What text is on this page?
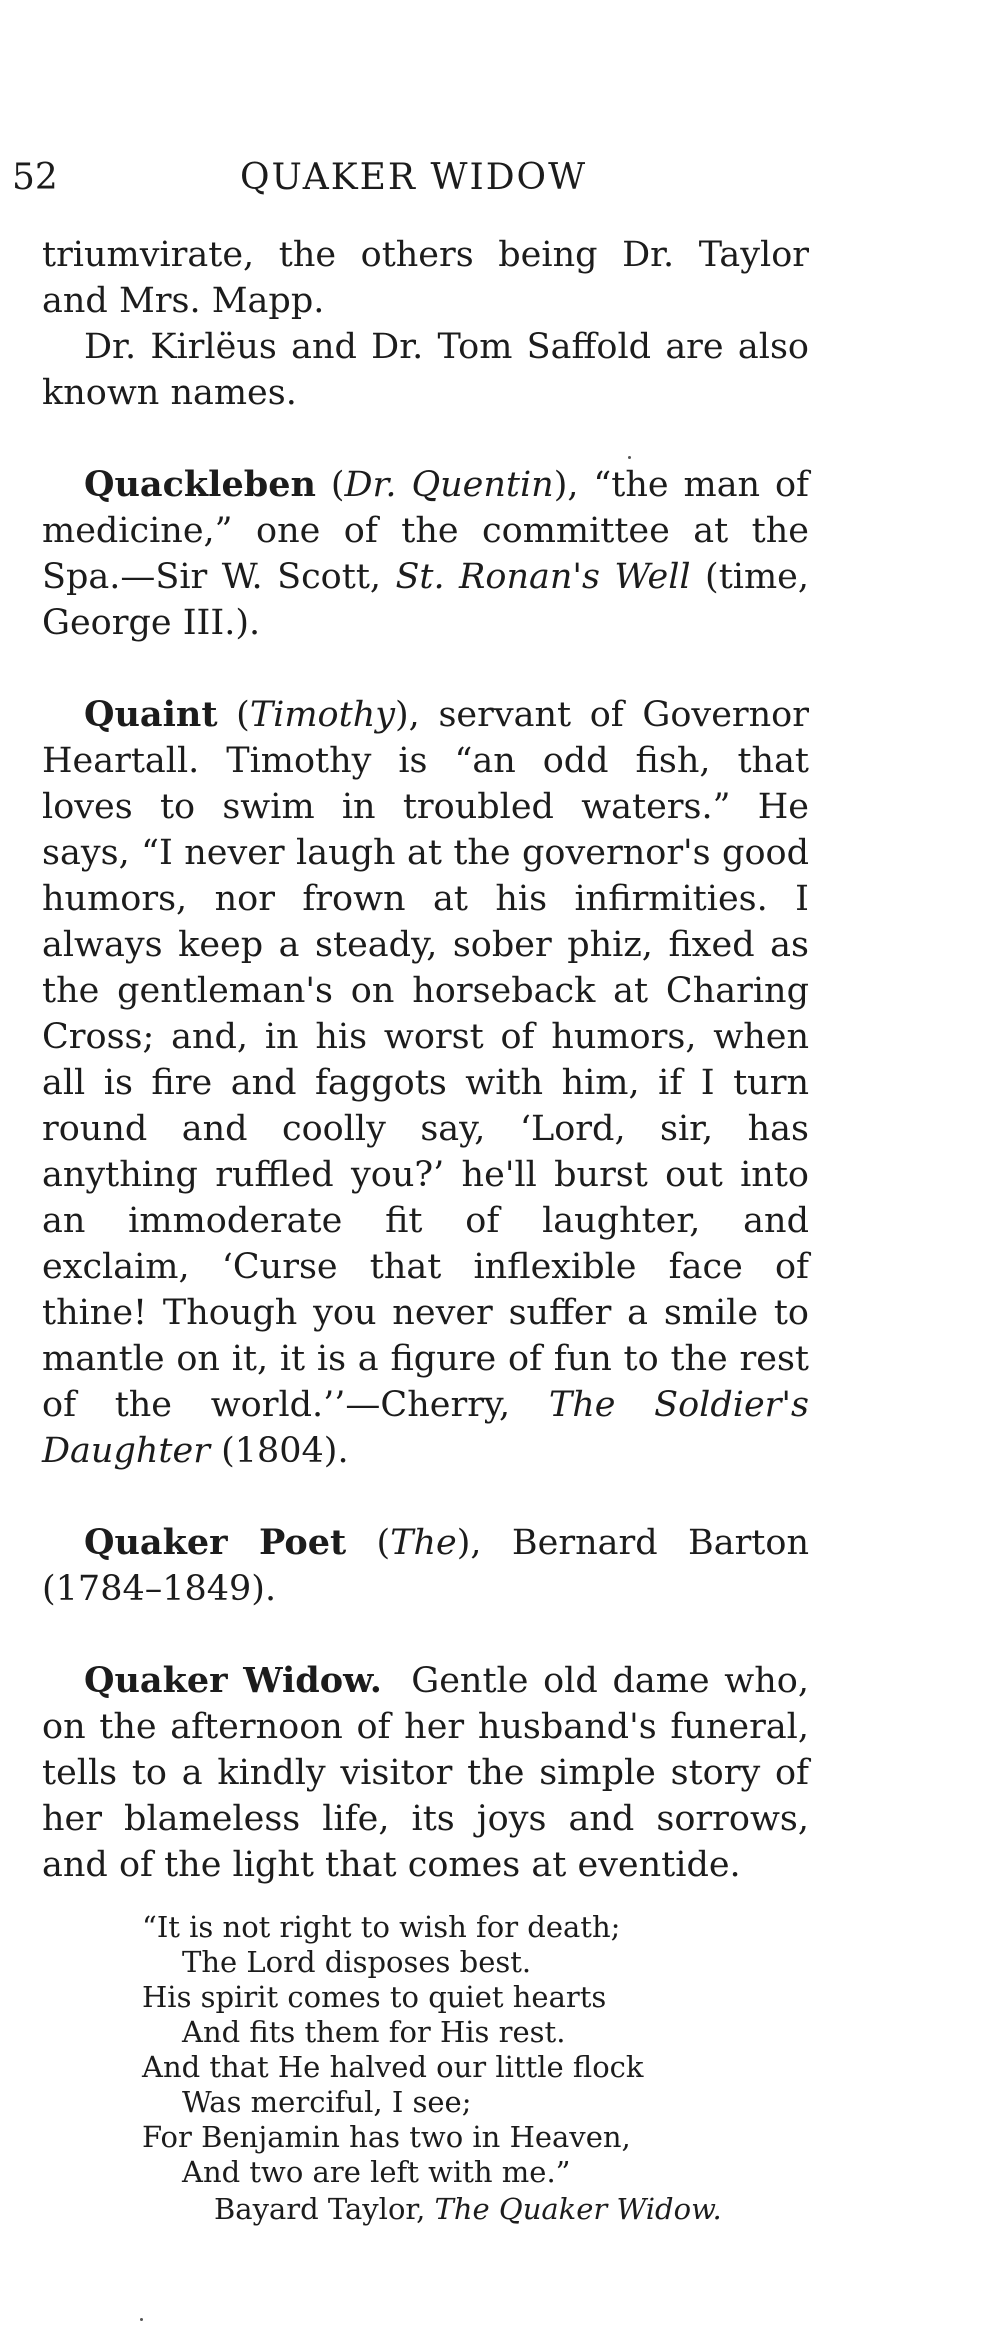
52	QUAKER WIDOW

triumvirate, the others being Dr. Taylor and Mrs. Mapp.

Dr. Kirlëus and Dr. Tom Saffold are also known names.

Quackleben (Dr. Quentin), “the man of medicine,” one of the committee at the Spa.—Sir W. Scott, St. Ronan's Well (time, George III.).

Quaint (Timothy), servant of Governor Heartall. Timothy is “an odd fish, that loves to swim in troubled waters.” He says, “I never laugh at the governor's good humors, nor frown at his infirmities. I always keep a steady, sober phiz, fixed as the gentleman's on horseback at Charing Cross; and, in his worst of humors, when all is fire and faggots with him, if I turn round and coolly say, ‘Lord, sir, has anything ruffled you?’ he'll burst out into an immoderate fit of laughter, and exclaim, ‘Curse that inflexible face of thine! Though you never suffer a smile to mantle on it, it is a figure of fun to the rest of the world.’’—Cherry, The Soldier's Daughter (1804).

Quaker Poet (The), Bernard Barton (1784–1849).

Quaker Widow. Gentle old dame who, on the afternoon of her husband's funeral, tells to a kindly visitor the simple story of her blameless life, its joys and sorrows, and of the light that comes at eventide.

“It is not right to wish for death;

The Lord disposes best.

His spirit comes to quiet hearts

And fits them for His rest.

And that He halved our little flock

Was merciful, I see;

For Benjamin has two in Heaven,

And two are left with me.”

Bayard Taylor, The Quaker Widow.
